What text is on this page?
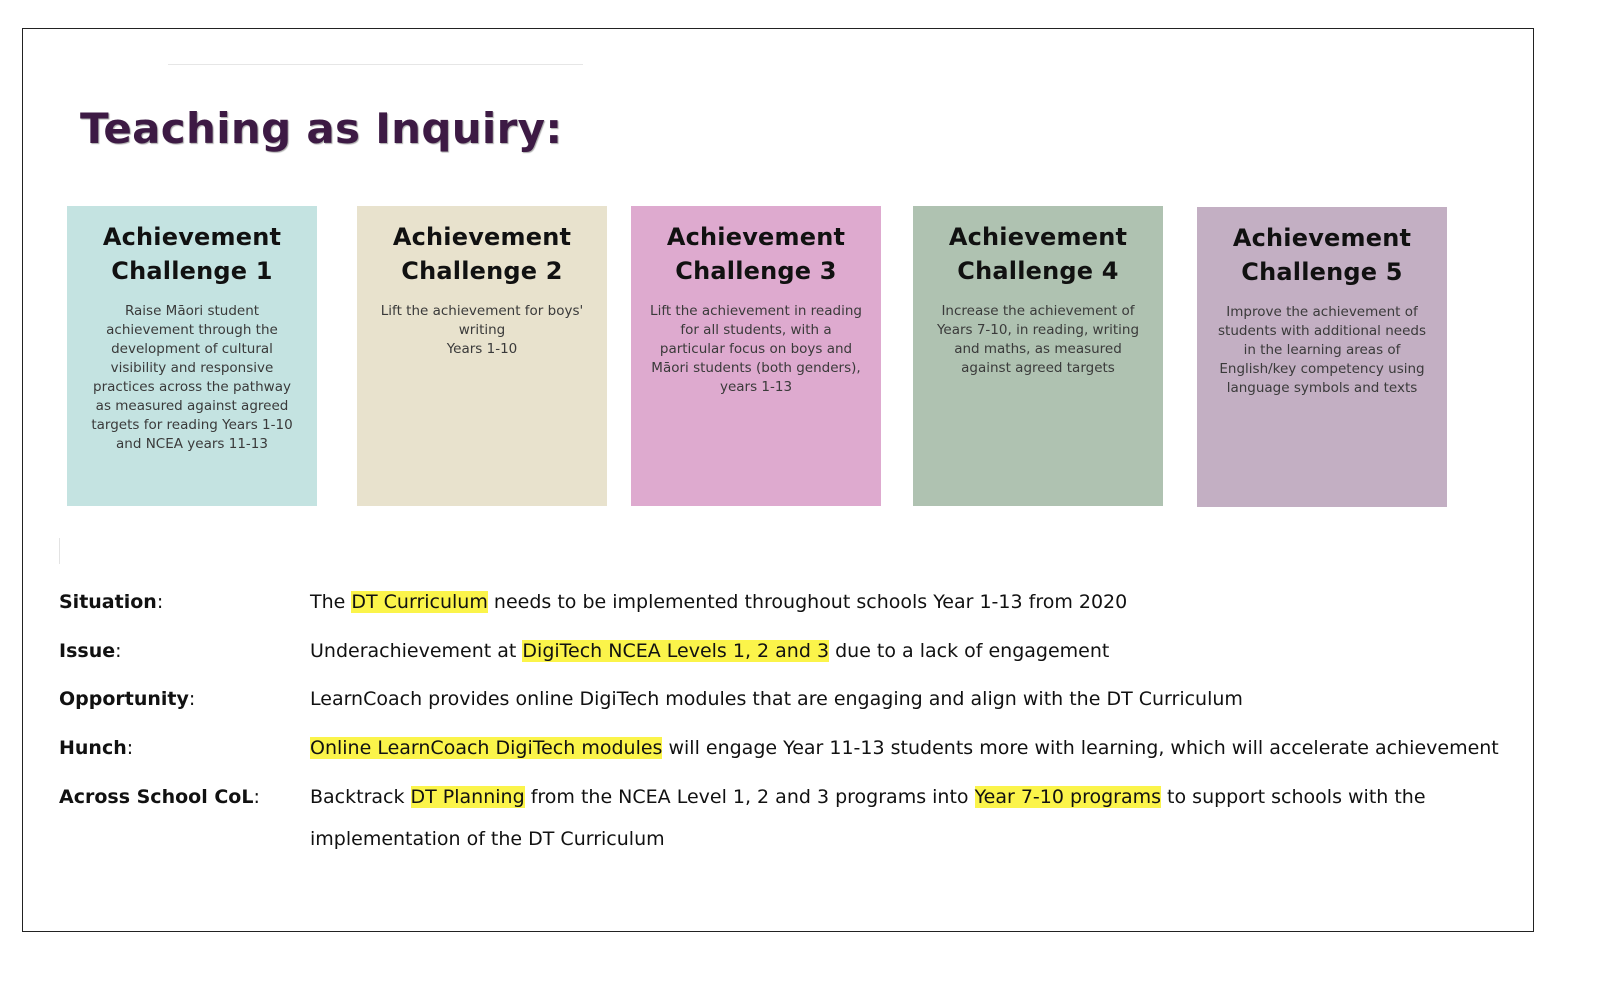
Teaching as Inquiry:

Achievement
Challenge 1

Raise Māori student
achievement through the
development of cultural
visibility and responsive
practices across the pathway
as measured against agreed
targets for reading Years 1-10
and NCEA years 11-13

Achievement
Challenge 2

Lift the achievement for boys'
writing
Years 1-10

Achievement
Challenge 3

Lift the achievement in reading
for all students, with a
particular focus on boys and
Māori students (both genders),
years 1-13

Achievement
Challenge 4

Increase the achievement of
Years 7-10, in reading, writing
and maths, as measured
against agreed targets

Achievement
Challenge 5

Improve the achievement of
students with additional needs
in the learning areas of
English/key competency using
language symbols and texts

Situation:	The DT Curriculum needs to be implemented throughout schools Year 1-13 from 2020
Issue:	Underachievement at DigiTech NCEA Levels 1, 2 and 3 due to a lack of engagement
Opportunity:	LearnCoach provides online DigiTech modules that are engaging and align with the DT Curriculum
Hunch:	Online LearnCoach DigiTech modules will engage Year 11-13 students more with learning, which will accelerate achievement
Across School CoL:	Backtrack DT Planning from the NCEA Level 1, 2 and 3 programs into Year 7-10 programs to support schools with the
implementation of the DT Curriculum
